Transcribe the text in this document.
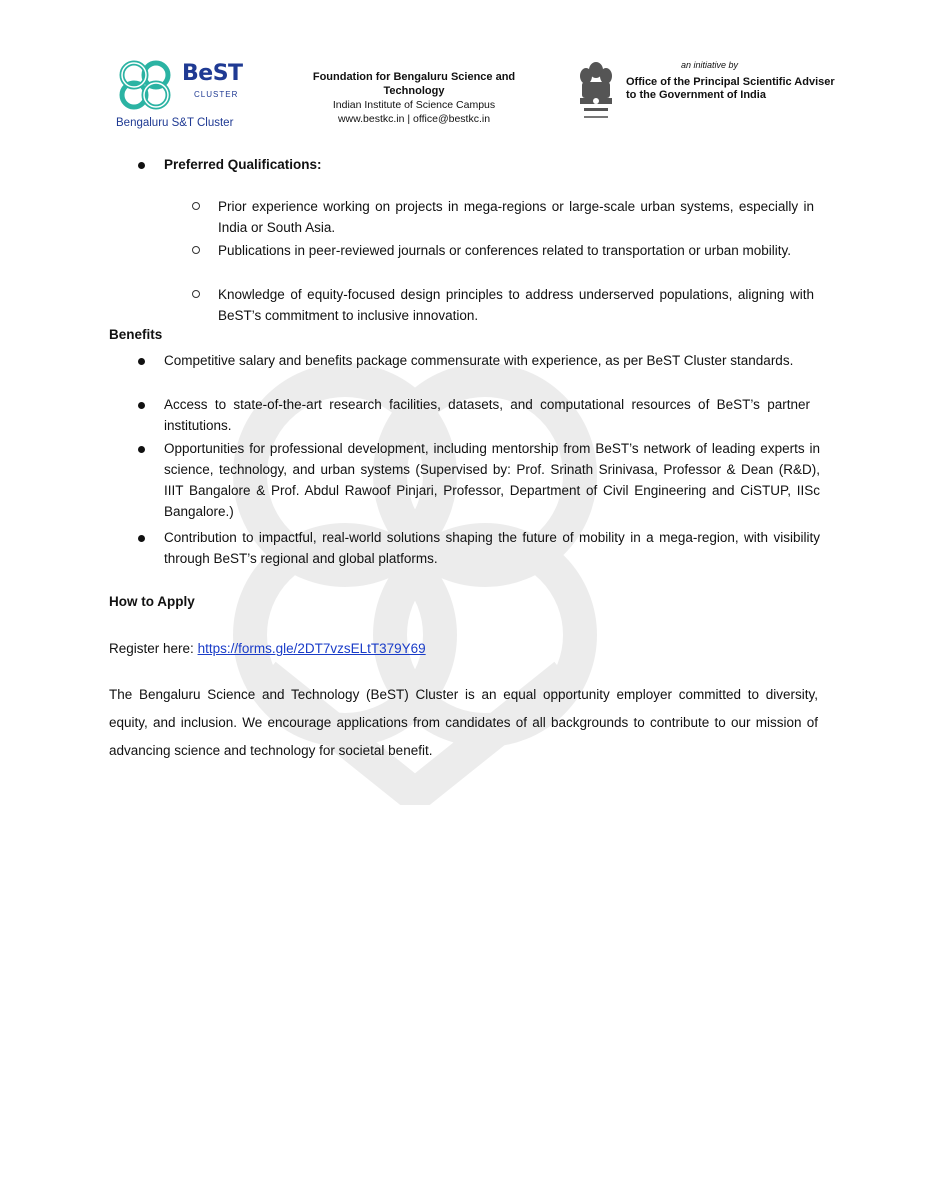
BeST
CLUSTER
Bengaluru S&T Cluster
Foundation for Bengaluru Science and Technology
Indian Institute of Science Campus
www.bestkc.in | office@bestkc.in
an initiative by
Office of the Principal Scientific Adviser
to the Government of India
Preferred Qualifications:
Prior experience working on projects in mega-regions or large-scale urban systems, especially in India or South Asia.
Publications in peer-reviewed journals or conferences related to transportation or urban mobility.
Knowledge of equity-focused design principles to address underserved populations, aligning with BeST’s commitment to inclusive innovation.
Benefits
Competitive salary and benefits package commensurate with experience, as per BeST Cluster standards.
Access to state-of-the-art research facilities, datasets, and computational resources of BeST’s partner institutions.
Opportunities for professional development, including mentorship from BeST’s network of leading experts in science, technology, and urban systems (Supervised by: Prof. Srinath Srinivasa, Professor & Dean (R&D), IIIT Bangalore & Prof. Abdul Rawoof Pinjari, Professor, Department of Civil Engineering and CiSTUP, IISc Bangalore.)
Contribution to impactful, real-world solutions shaping the future of mobility in a mega-region, with visibility through BeST’s regional and global platforms.
How to Apply
Register here: https://forms.gle/2DT7vzsELtT379Y69
The Bengaluru Science and Technology (BeST) Cluster is an equal opportunity employer committed to diversity, equity, and inclusion. We encourage applications from candidates of all backgrounds to contribute to our mission of advancing science and technology for societal benefit.
